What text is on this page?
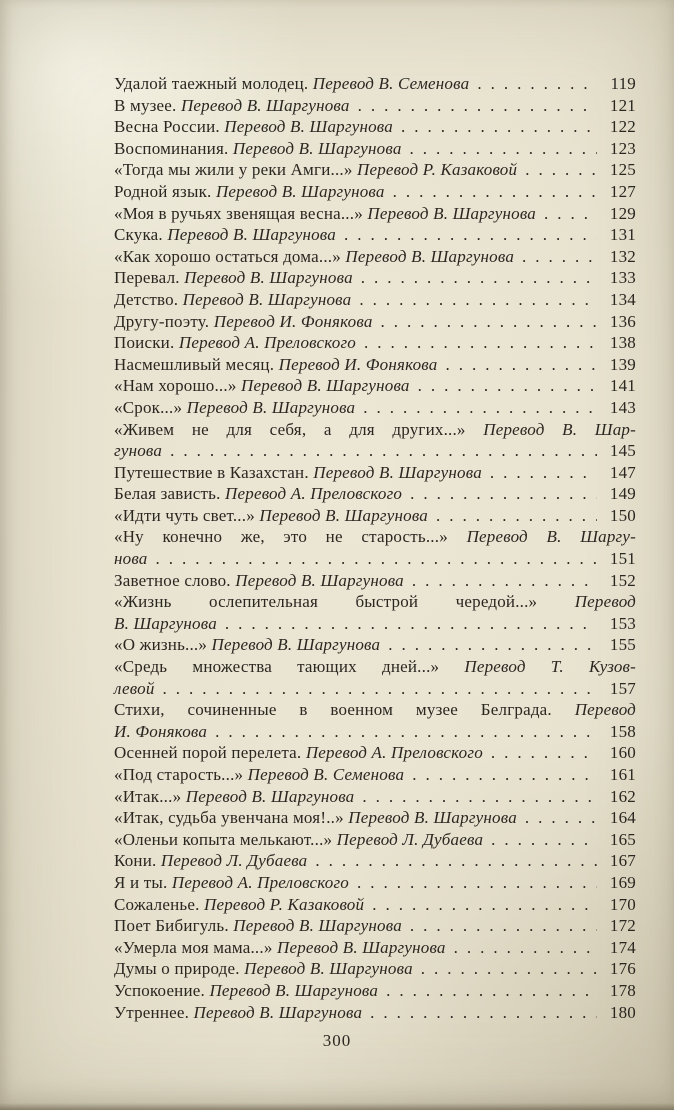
Удалой таежный молодец. Перевод В. Семенова .....	119
В музее. Перевод В. Шаргунова .....	121
Весна России. Перевод В. Шаргунова .....	122
Воспоминания. Перевод В. Шаргунова .....	123
«Тогда мы жили у реки Амги...» Перевод Р. Казаковой .....	125
Родной язык. Перевод В. Шаргунова .....	127
«Моя в ручьях звенящая весна...» Перевод В. Шаргунова .....	129
Скука. Перевод В. Шаргунова .....	131
«Как хорошо остаться дома...» Перевод В. Шаргунова .....	132
Перевал. Перевод В. Шаргунова .....	133
Детство. Перевод В. Шаргунова .....	134
Другу-поэту. Перевод И. Фонякова .....	136
Поиски. Перевод А. Преловского .....	138
Насмешливый месяц. Перевод И. Фонякова .....	139
«Нам хорошо...» Перевод В. Шаргунова .....	141
«Срок...» Перевод В. Шаргунова .....	143
«Живем не для себя, а для других...» Перевод В. Шар-
гунова .....	145
Путешествие в Казахстан. Перевод В. Шаргунова .....	147
Белая зависть. Перевод А. Преловского .....	149
«Идти чуть свет...» Перевод В. Шаргунова .....	150
«Ну конечно же, это не старость...» Перевод В. Шаргу-
нова .....	151
Заветное слово. Перевод В. Шаргунова .....	152
«Жизнь ослепительная быстрой чередой...» Перевод
В. Шаргунова .....	153
«О жизнь...» Перевод В. Шаргунова .....	155
«Средь множества тающих дней...» Перевод Т. Кузов-
левой .....	157
Стихи, сочиненные в военном музее Белграда. Перевод
И. Фонякова .....	158
Осенней порой перелета. Перевод А. Преловского .....	160
«Под старость...» Перевод В. Семенова .....	161
«Итак...» Перевод В. Шаргунова .....	162
«Итак, судьба увенчана моя!..» Перевод В. Шаргунова .....	164
«Оленьи копыта мелькают...» Перевод Л. Дубаева .....	165
Кони. Перевод Л. Дубаева .....	167
Я и ты. Перевод А. Преловского .....	169
Сожаленье. Перевод Р. Казаковой .....	170
Поет Бибигуль. Перевод В. Шаргунова .....	172
«Умерла моя мама...» Перевод В. Шаргунова .....	174
Думы о природе. Перевод В. Шаргунова .....	176
Успокоение. Перевод В. Шаргунова .....	178
Утреннее. Перевод В. Шаргунова .....	180
300
